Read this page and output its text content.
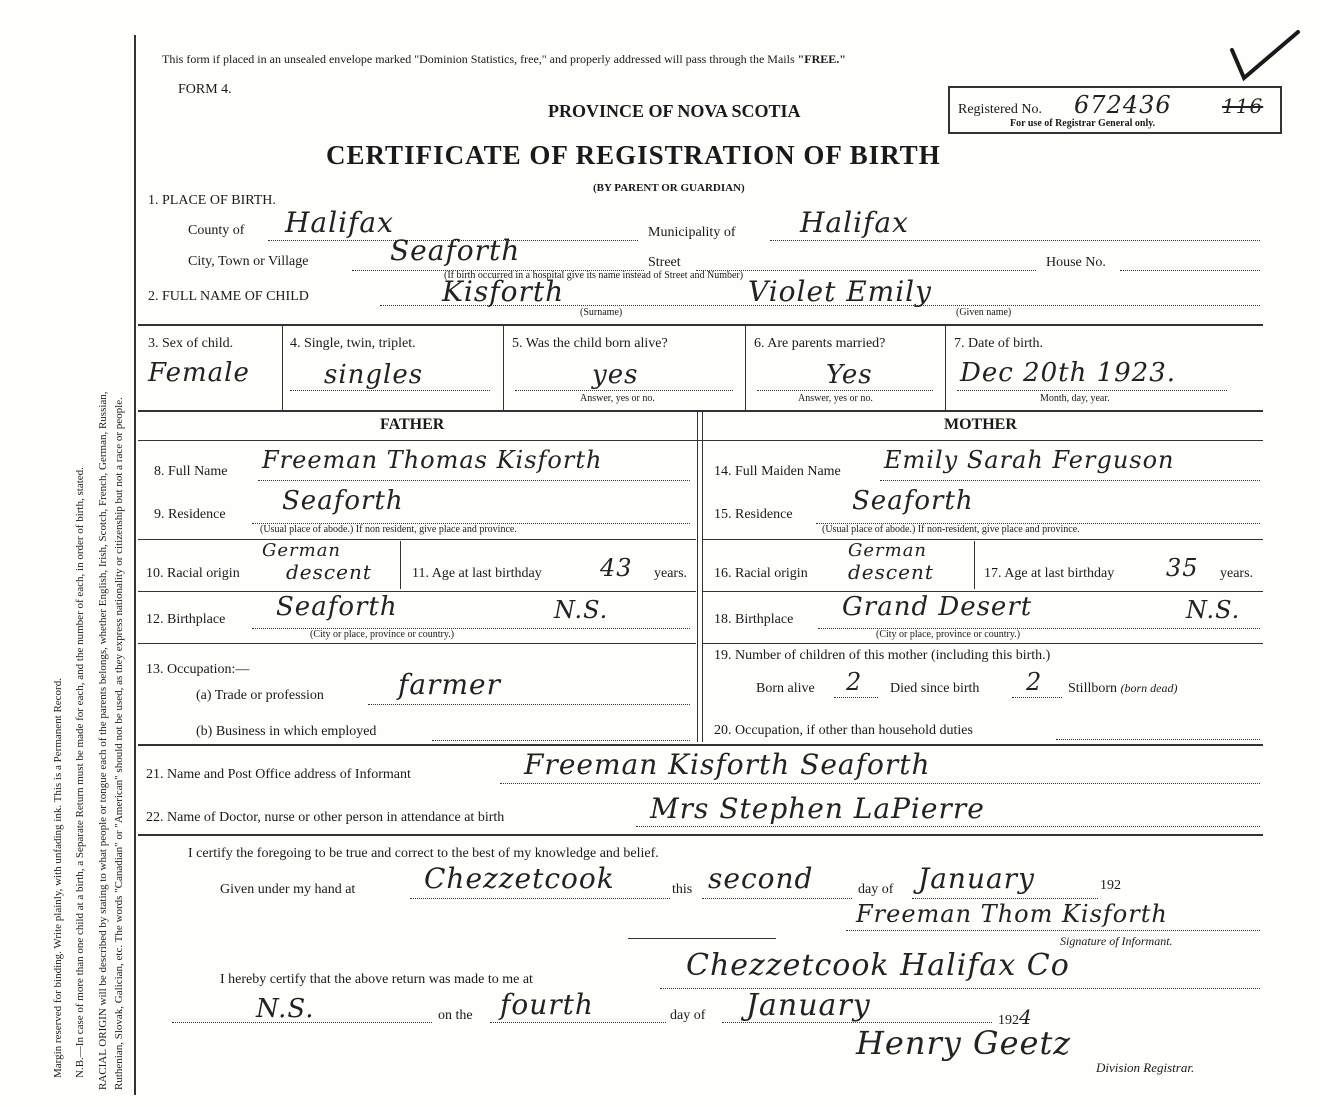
Margin reserved for binding. Write plainly, with unfading ink. This is a Permanent Record. N.B.—In case of more than one child at a birth, a Separate Return must be made for each, and the number of each, in order of birth, stated. RACIAL ORIGIN will be described by stating to what people or tongue each of the parents belongs, whether English, Irish, Scotch, French, German, Russian, Ruthenian, Slovak, Galician, etc. The words "Canadian" or "American" should not be used, as they express nationality or citizenship but not a race or people.
This form if placed in an unsealed envelope marked "Dominion Statistics, free," and properly addressed will pass through the Mails "FREE."
FORM 4.
PROVINCE OF NOVA SCOTIA
CERTIFICATE OF REGISTRATION OF BIRTH
(BY PARENT OR GUARDIAN)
Registered No. 672436	116
For use of Registrar General only.
1. PLACE OF BIRTH.
County of Halifax	Municipality of Halifax
City, Town or Village	Seaforth	Street	House No.
(If birth occurred in a hospital give its name instead of Street and Number)
2. FULL NAME OF CHILD	Kisforth	Violet Emily
(Surname)	(Given name)
3. Sex of child.
Female
4. Single, twin, triplet.
singles
5. Was the child born alive?
yes
Answer, yes or no.
6. Are parents married?
Yes
Answer, yes or no.
7. Date of birth.
Dec 20th 1923.
Month, day, year.
FATHER	MOTHER
8. Full Name Freeman Thomas Kisforth
9. Residence Seaforth
(Usual place of abode.) If non resident, give place and province.
10. Racial origin
German
descent	11. Age at last birthday 43 years.
12. Birthplace Seaforth	N.S.
(City or place, province or country.)
13. Occupation:—
(a) Trade or profession	farmer
(b) Business in which employed
14. Full Maiden Name Emily Sarah Ferguson
15. Residence Seaforth
(Usual place of abode.) If non-resident, give place and province.
16. Racial origin
German
descent	17. Age at last birthday 35 years.
18. Birthplace Grand Desert	N.S.
(City or place, province or country.)
19. Number of children of this mother (including this birth.)
Born alive 2 Died since birth 2 Stillborn (born dead)
20. Occupation, if other than household duties
21. Name and Post Office address of Informant	Freeman Kisforth Seaforth
22. Name of Doctor, nurse or other person in attendance at birth	Mrs Stephen LaPierre
I certify the foregoing to be true and correct to the best of my knowledge and belief.
Given under my hand at Chezzetcook	this second	day of January	192
Freeman Thom Kisforth
Signature of Informant.
I hereby certify that the above return was made to me at	Chezzetcook Halifax Co
N.S.	on the fourth	day of January	1924
Henry Geetz
Division Registrar.
